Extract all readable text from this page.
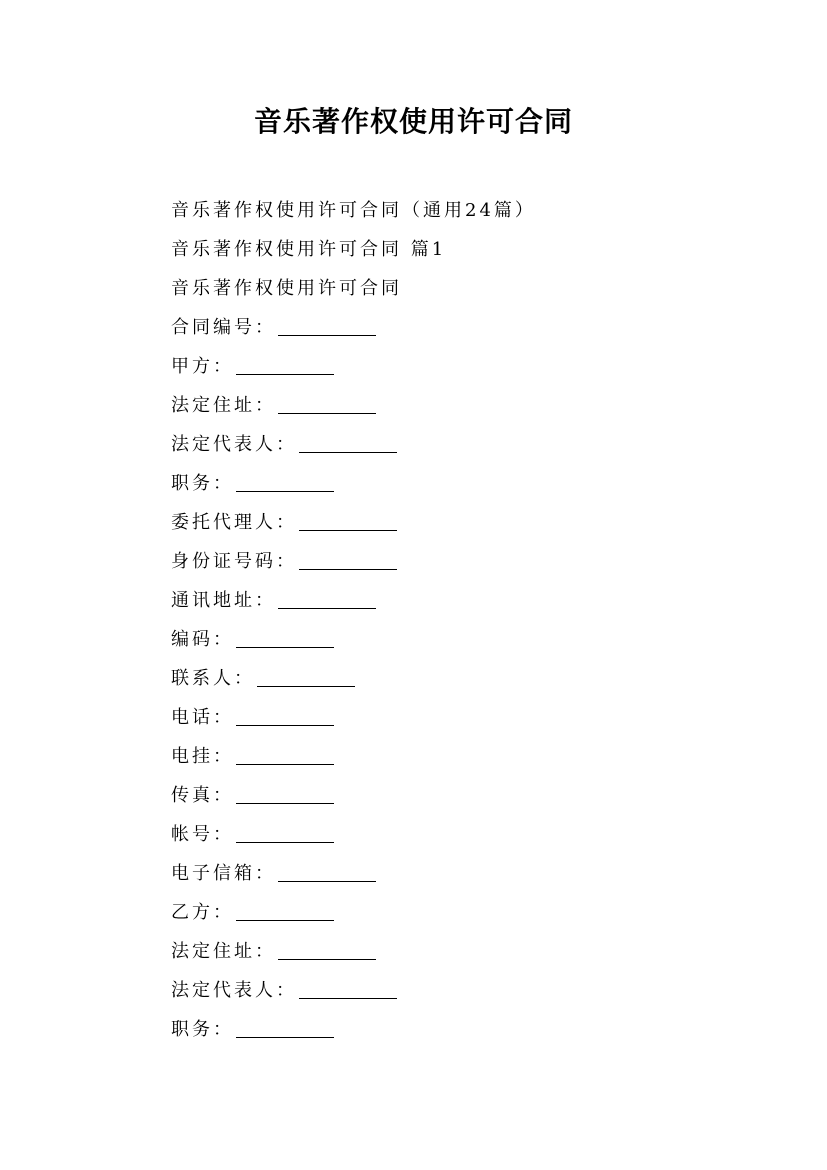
音乐著作权使用许可合同
音乐著作权使用许可合同（通用24篇）
音乐著作权使用许可合同 篇1
音乐著作权使用许可合同
合同编号：
甲方：
法定住址：
法定代表人：
职务：
委托代理人：
身份证号码：
通讯地址：
编码：
联系人：
电话：
电挂：
传真：
帐号：
电子信箱：
乙方：
法定住址：
法定代表人：
职务：
